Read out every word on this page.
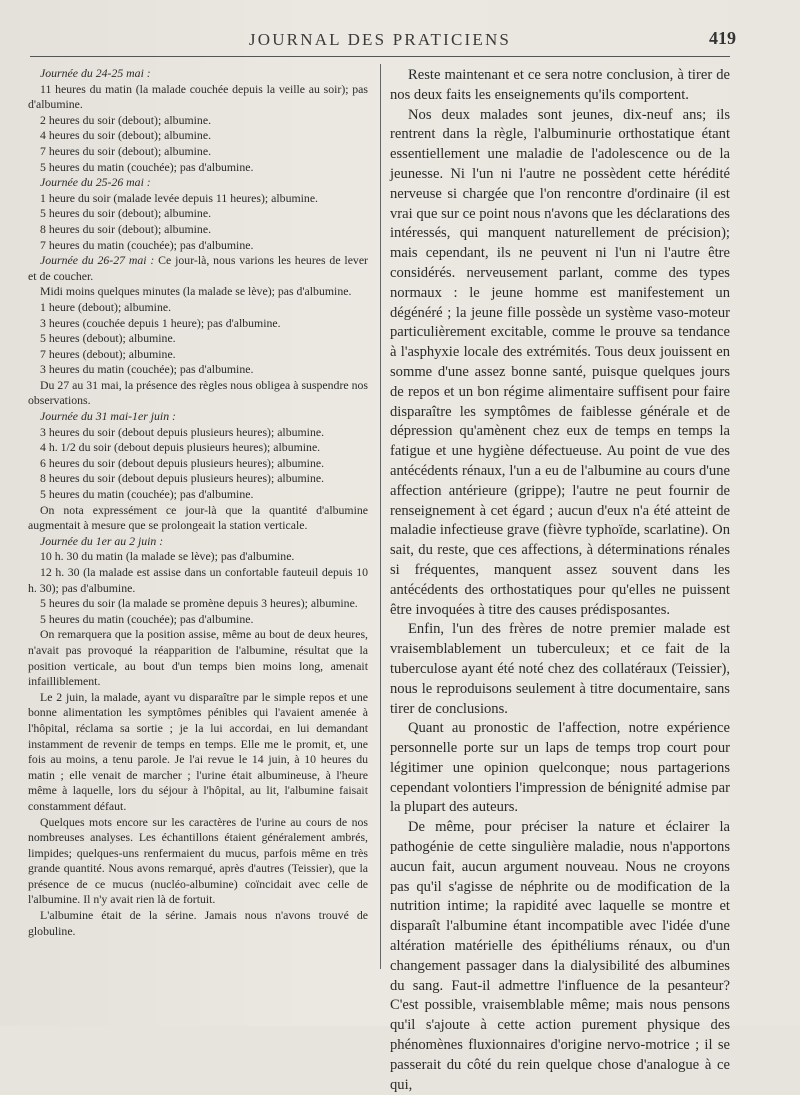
JOURNAL DES PRATICIENS	419

Journée du 24-25 mai :

11 heures du matin (la malade couchée depuis la veille au soir); pas d'albumine.

2 heures du soir (debout); albumine.

4 heures du soir (debout); albumine.

7 heures du soir (debout); albumine.

5 heures du matin (couchée); pas d'albumine.

Journée du 25-26 mai :

1 heure du soir (malade levée depuis 11 heures); albumine.

5 heures du soir (debout); albumine.

8 heures du soir (debout); albumine.

7 heures du matin (couchée); pas d'albumine.

Journée du 26-27 mai : Ce jour-là, nous varions les heures de lever et de coucher.

Midi moins quelques minutes (la malade se lève); pas d'albumine.

1 heure (debout); albumine.

3 heures (couchée depuis 1 heure); pas d'albumine.

5 heures (debout); albumine.

7 heures (debout); albumine.

3 heures du matin (couchée); pas d'albumine.

Du 27 au 31 mai, la présence des règles nous obligea à suspendre nos observations.

Journée du 31 mai-1er juin :

3 heures du soir (debout depuis plusieurs heures); albumine.

4 h. 1/2 du soir (debout depuis plusieurs heures); albumine.

6 heures du soir (debout depuis plusieurs heures); albumine.

8 heures du soir (debout depuis plusieurs heures); albumine.

5 heures du matin (couchée); pas d'albumine.

On nota expressément ce jour-là que la quantité d'albumine augmentait à mesure que se prolongeait la station verticale.

Journée du 1er au 2 juin :

10 h. 30 du matin (la malade se lève); pas d'albumine.

12 h. 30 (la malade est assise dans un confortable fauteuil depuis 10 h. 30); pas d'albumine.

5 heures du soir (la malade se promène depuis 3 heures); albumine.

5 heures du matin (couchée); pas d'albumine.

On remarquera que la position assise, même au bout de deux heures, n'avait pas provoqué la réapparition de l'albumine, résultat que la position verticale, au bout d'un temps bien moins long, amenait infailliblement.

Le 2 juin, la malade, ayant vu disparaître par le simple repos et une bonne alimentation les symptômes pénibles qui l'avaient amenée à l'hôpital, réclama sa sortie ; je la lui accordai, en lui demandant instamment de revenir de temps en temps. Elle me le promit, et, une fois au moins, a tenu parole. Je l'ai revue le 14 juin, à 10 heures du matin ; elle venait de marcher ; l'urine était albumineuse, à l'heure même à laquelle, lors du séjour à l'hôpital, au lit, l'albumine faisait constamment défaut.

Quelques mots encore sur les caractères de l'urine au cours de nos nombreuses analyses. Les échantillons étaient généralement ambrés, limpides; quelques-uns renfermaient du mucus, parfois même en très grande quantité. Nous avons remarqué, après d'autres (Teissier), que la présence de ce mucus (nucléo-albumine) coïncidait avec celle de l'albumine. Il n'y avait rien là de fortuit.

L'albumine était de la sérine. Jamais nous n'avons trouvé de globuline.

Reste maintenant et ce sera notre conclusion, à tirer de nos deux faits les enseignements qu'ils comportent.

Nos deux malades sont jeunes, dix-neuf ans; ils rentrent dans la règle, l'albuminurie orthostatique étant essentiellement une maladie de l'adolescence ou de la jeunesse. Ni l'un ni l'autre ne possèdent cette hérédité nerveuse si chargée que l'on rencontre d'ordinaire (il est vrai que sur ce point nous n'avons que les déclarations des intéressés, qui manquent naturellement de précision); mais cependant, ils ne peuvent ni l'un ni l'autre être considérés. nerveusement parlant, comme des types normaux : le jeune homme est manifestement un dégénéré ; la jeune fille possède un système vaso-moteur particulièrement excitable, comme le prouve sa tendance à l'asphyxie locale des extrémités. Tous deux jouissent en somme d'une assez bonne santé, puisque quelques jours de repos et un bon régime alimentaire suffisent pour faire disparaître les symptômes de faiblesse générale et de dépression qu'amènent chez eux de temps en temps la fatigue et une hygiène défectueuse. Au point de vue des antécédents rénaux, l'un a eu de l'albumine au cours d'une affection antérieure (grippe); l'autre ne peut fournir de renseignement à cet égard ; aucun d'eux n'a été atteint de maladie infectieuse grave (fièvre typhoïde, scarlatine). On sait, du reste, que ces affections, à déterminations rénales si fréquentes, manquent assez souvent dans les antécédents des orthostatiques pour qu'elles ne puissent être invoquées à titre des causes prédisposantes.

Enfin, l'un des frères de notre premier malade est vraisemblablement un tuberculeux; et ce fait de la tuberculose ayant été noté chez des collatéraux (Teissier), nous le reproduisons seulement à titre documentaire, sans tirer de conclusions.

Quant au pronostic de l'affection, notre expérience personnelle porte sur un laps de temps trop court pour légitimer une opinion quelconque; nous partagerions cependant volontiers l'impression de bénignité admise par la plupart des auteurs.

De même, pour préciser la nature et éclairer la pathogénie de cette singulière maladie, nous n'apportons aucun fait, aucun argument nouveau. Nous ne croyons pas qu'il s'agisse de néphrite ou de modification de la nutrition intime; la rapidité avec laquelle se montre et disparaît l'albumine étant incompatible avec l'idée d'une altération matérielle des épithéliums rénaux, ou d'un changement passager dans la dialysibilité des albumines du sang. Faut-il admettre l'influence de la pesanteur? C'est possible, vraisemblable même; mais nous pensons qu'il s'ajoute à cette action purement physique des phénomènes fluxionnaires d'origine nervo-motrice ; il se passerait du côté du rein quelque chose d'analogue à ce qui,
